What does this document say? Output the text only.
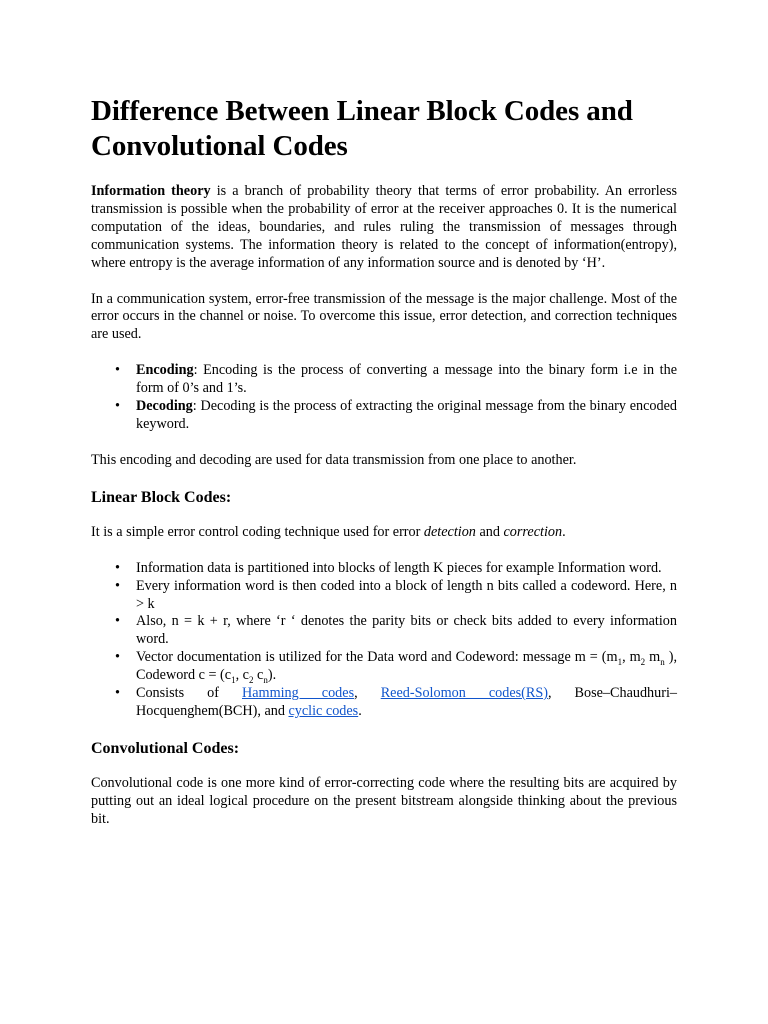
Difference Between Linear Block Codes and Convolutional Codes

Information theory is a branch of probability theory that terms of error probability. An errorless transmission is possible when the probability of error at the receiver approaches 0. It is the numerical computation of the ideas, boundaries, and rules ruling the transmission of messages through communication systems. The information theory is related to the concept of information(entropy), where entropy is the average information of any information source and is denoted by ‘H’.

In a communication system, error-free transmission of the message is the major challenge. Most of the error occurs in the channel or noise. To overcome this issue, error detection, and correction techniques are used.

• Encoding: Encoding is the process of converting a message into the binary form i.e in the form of 0’s and 1’s.
• Decoding: Decoding is the process of extracting the original message from the binary encoded keyword.

This encoding and decoding are used for data transmission from one place to another.

Linear Block Codes:

It is a simple error control coding technique used for error detection and correction.

• Information data is partitioned into blocks of length K pieces for example Information word.
• Every information word is then coded into a block of length n bits called a codeword. Here, n > k
• Also, n = k + r, where ‘r ‘ denotes the parity bits or check bits added to every information word.
• Vector documentation is utilized for the Data word and Codeword: message $m = (m_1$, $m_2$ $m_n$ ), Codeword $c = (c_1$, $c_2$ $c_n$).
• Consists of Hamming codes, Reed-Solomon codes(RS), Bose–Chaudhuri–Hocquenghem(BCH), and cyclic codes.
Convolutional Codes:

Convolutional code is one more kind of error-correcting code where the resulting bits are acquired by putting out an ideal logical procedure on the present bitstream alongside thinking about the previous bit.
